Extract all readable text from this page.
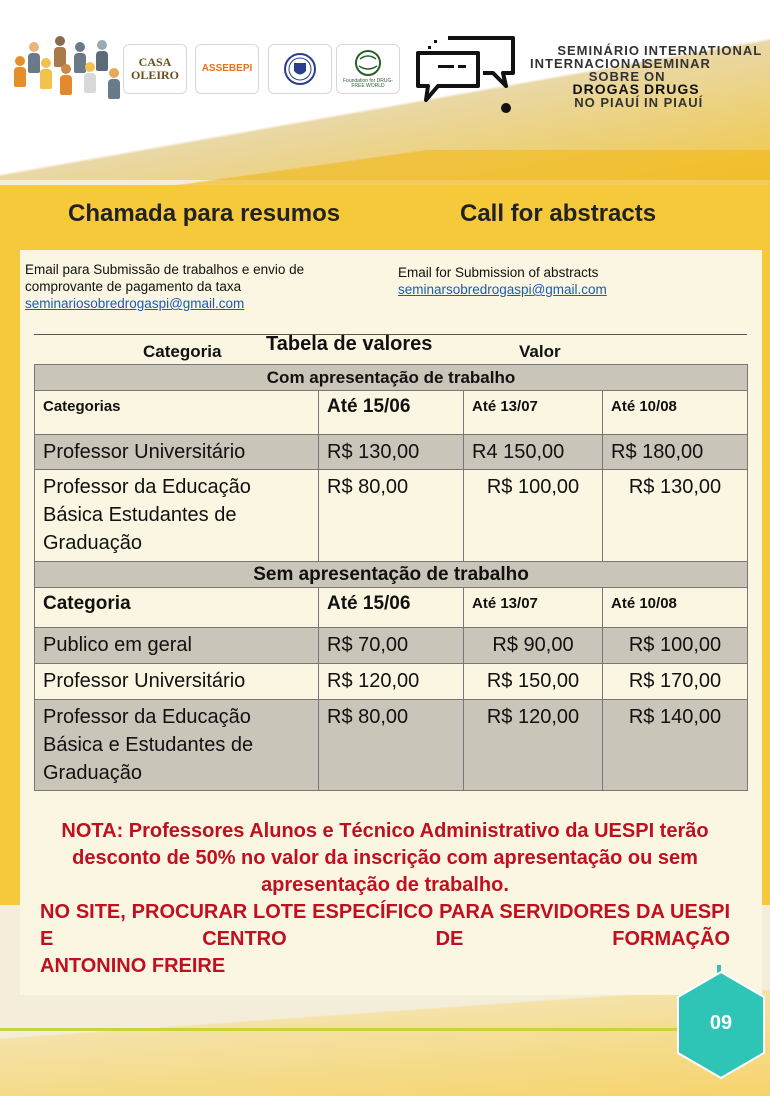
CASA
OLEIRO ASSEBEPI
Foundation for DRUG-FREE WORLD
SEMINÁRIO
INTERNACIONAL
SOBRE
DROGAS
NO PIAUÍ
INTERNATIONAL
SEMINAR
ON
DRUGS
IN PIAUÍ
Chamada para resumos	Call for abstracts
Email para Submissão de trabalhos e envio de comprovante de pagamento da taxa
seminariosobredrogaspi@gmail.com
Email for Submission of abstracts
seminarsobredrogaspi@gmail.com
Categoria Tabela de valores	Valor
Com apresentação de trabalho			
Categorias	Até 15/06	Até 13/07	Até 10/08
Professor Universitário	R$ 130,00	R4 150,00	R$ 180,00
Professor da Educação Básica Estudantes de Graduação	R$ 80,00	R$ 100,00	R$ 130,00
Sem apresentação de trabalho			
Categoria	Até 15/06	Até 13/07	Até 10/08
Publico em geral	R$ 70,00	R$ 90,00	R$ 100,00
Professor Universitário	R$ 120,00	R$ 150,00	R$ 170,00
Professor da Educação Básica e Estudantes de Graduação	R$ 80,00	R$ 120,00	R$ 140,00
NOTA: Professores Alunos e Técnico Administrativo da UESPI terão desconto de 50% no valor da inscrição com apresentação ou sem apresentação de trabalho.
NO SITE, PROCURAR LOTE ESPECÍFICO PARA SERVIDORES DA UESPI E CENTRO DE FORMAÇÃO
ANTONINO FREIRE
09
